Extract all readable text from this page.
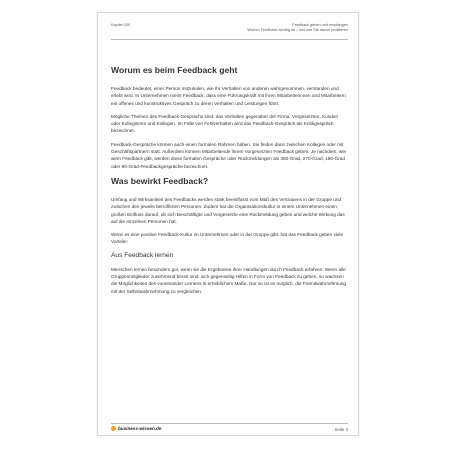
Kapitel 030	Feedback geben und empfangen
Worum Feedback wichtig ist – und wie Sie davon profitieren
Worum es beim Feedback geht

Feedback bedeutet, einer Person mitzuteilen, wie Ihr Verhalten von anderen wahrgenommen, verstanden und erlebt wird. In Unternehmen meint Feedback, dass eine Führungskraft mit ihren Mitarbeiterinnen und Mitarbeitern ein offenes und konstruktives Gespräch zu deren Verhalten und Leistungen führt.

Mögliche Themen des Feedback-Gesprächs sind: das Verhalten gegenüber der Firma, Vorgesetzten, Kunden oder Kolleginnen und Kollegen. Im Falle von Fehlverhalten wird das Feedback-Gespräch als Kritikgespräch bezeichnet.

Feedback-Gespräche können auch einen formalen Rahmen haben. Sie finden dann zwischen Kollegen oder mit Geschäftspartnern statt. Außerdem können Mitarbeitende ihrem Vorgesetzten Feedback geben. Je nachdem, wer wem Feedback gibt, werden diese formalen Gespräche oder Rückmeldungen als 360-Grad, 270-Grad, 180-Grad oder 90-Grad-Feedbackgespräche bezeichnet.

Was bewirkt Feedback?

Umfang und Wirksamkeit des Feedbacks werden stark beeinflusst vom Maß des Vertrauens in der Gruppe und zwischen den jeweils betroffenen Personen. Zudem hat die Organisationskultur in einem Unternehmen einen großen Einfluss darauf, ob sich Beschäftigte und Vorgesetzte eine Rückmeldung geben und welche Wirkung das auf die einzelnen Personen hat.

Wenn es eine positive Feedback-Kultur im Unternehmen oder in der Gruppe gibt, hat das Feedback geben viele Vorteile:

Aus Feedback lernen

Menschen lernen besonders gut, wenn sie die Ergebnisse ihrer Handlungen durch Feedback erfahren. Wenn alle Gruppenmitglieder zunehmend bereit sind, sich gegenseitig Hilfen in Form von Feedback zu geben, so wachsen die Möglichkeiten des voneinander Lernens in erheblichem Maße. Nur so ist es möglich, die Fremdwahrnehmung mit der Selbstwahrnehmung zu vergleichen.

business-wissen.de	Seite 3
